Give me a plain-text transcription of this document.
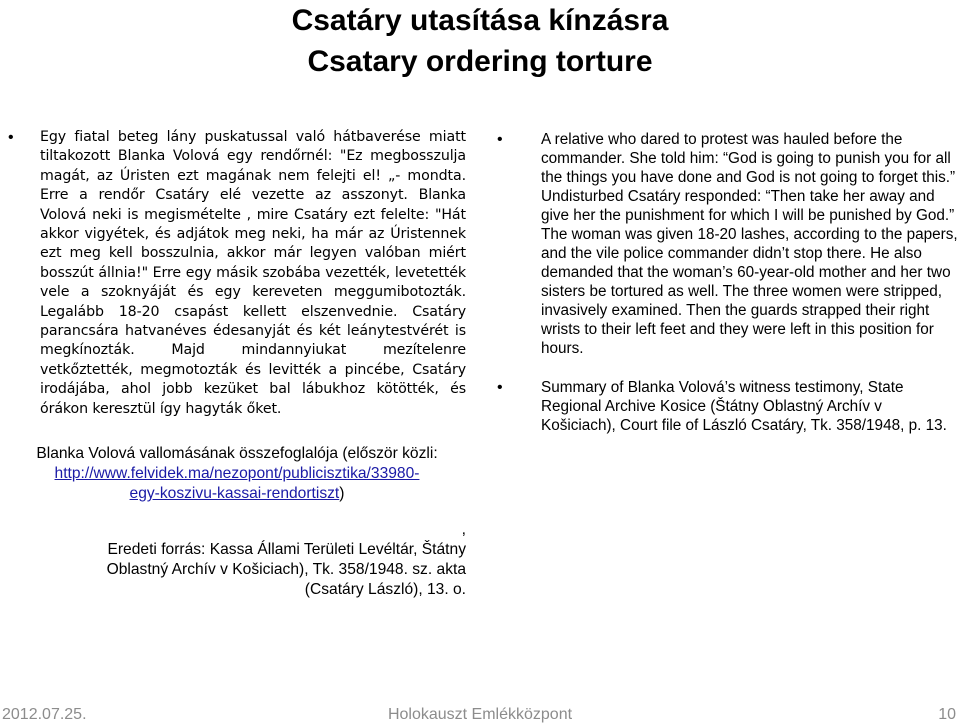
Csatáry utasítása kínzásra
Csatary ordering torture
•	Egy fiatal beteg lány puskatussal való hátbaverése miatt tiltakozott Blanka Volová egy rendőrnél: "Ez megbosszulja magát, az Úristen ezt magának nem felejti el! „- mondta. Erre a rendőr Csatáry elé vezette az asszonyt. Blanka Volová neki is megismételte , mire Csatáry ezt felelte: "Hát akkor vigyétek, és adjátok meg neki, ha már az Úristennek ezt meg kell bosszulnia, akkor már legyen valóban miért bosszút állnia!" Erre egy másik szobába vezették, levetették vele a szoknyáját és egy kereveten meggumibotozták. Legalább 18-20 csapást kellett elszenvednie. Csatáry parancsára hatvanéves édesanyját és két leánytestvérét is megkínozták. Majd mindannyiukat mezítelenre vetkőztették, megmotozták és levitték a pincébe, Csatáry irodájába, ahol jobb kezüket bal lábukhoz kötötték, és órákon keresztül így hagyták őket.
Blanka Volová vallomásának összefoglalója (először közli:
http://www.felvidek.ma/nezopont/publicisztika/33980-
egy-koszivu-kassai-rendortiszt)
,
Eredeti forrás: Kassa Állami Területi Levéltár, Štátny
Oblastný Archív v Košiciach), Tk. 358/1948. sz. akta
(Csatáry László), 13. o.
•	A relative who dared to protest was hauled before the commander. She told him: “God is going to punish you for all the things you have done and God is not going to forget this.” Undisturbed Csatáry responded: “Then take her away and give her the punishment for which I will be punished by God.” The woman was given 18-20 lashes, according to the papers, and the vile police commander didn’t stop there. He also demanded that the woman’s 60-year-old mother and her two sisters be tortured as well. The three women were stripped, invasively examined. Then the guards strapped their right wrists to their left feet and they were left in this position for hours.
•	Summary of Blanka Volová’s witness testimony, State Regional Archive Kosice (Štátny Oblastný Archív v Košiciach), Court file of László Csatáry, Tk. 358/1948, p. 13.
2012.07.25.	Holokauszt Emlékközpont	10
